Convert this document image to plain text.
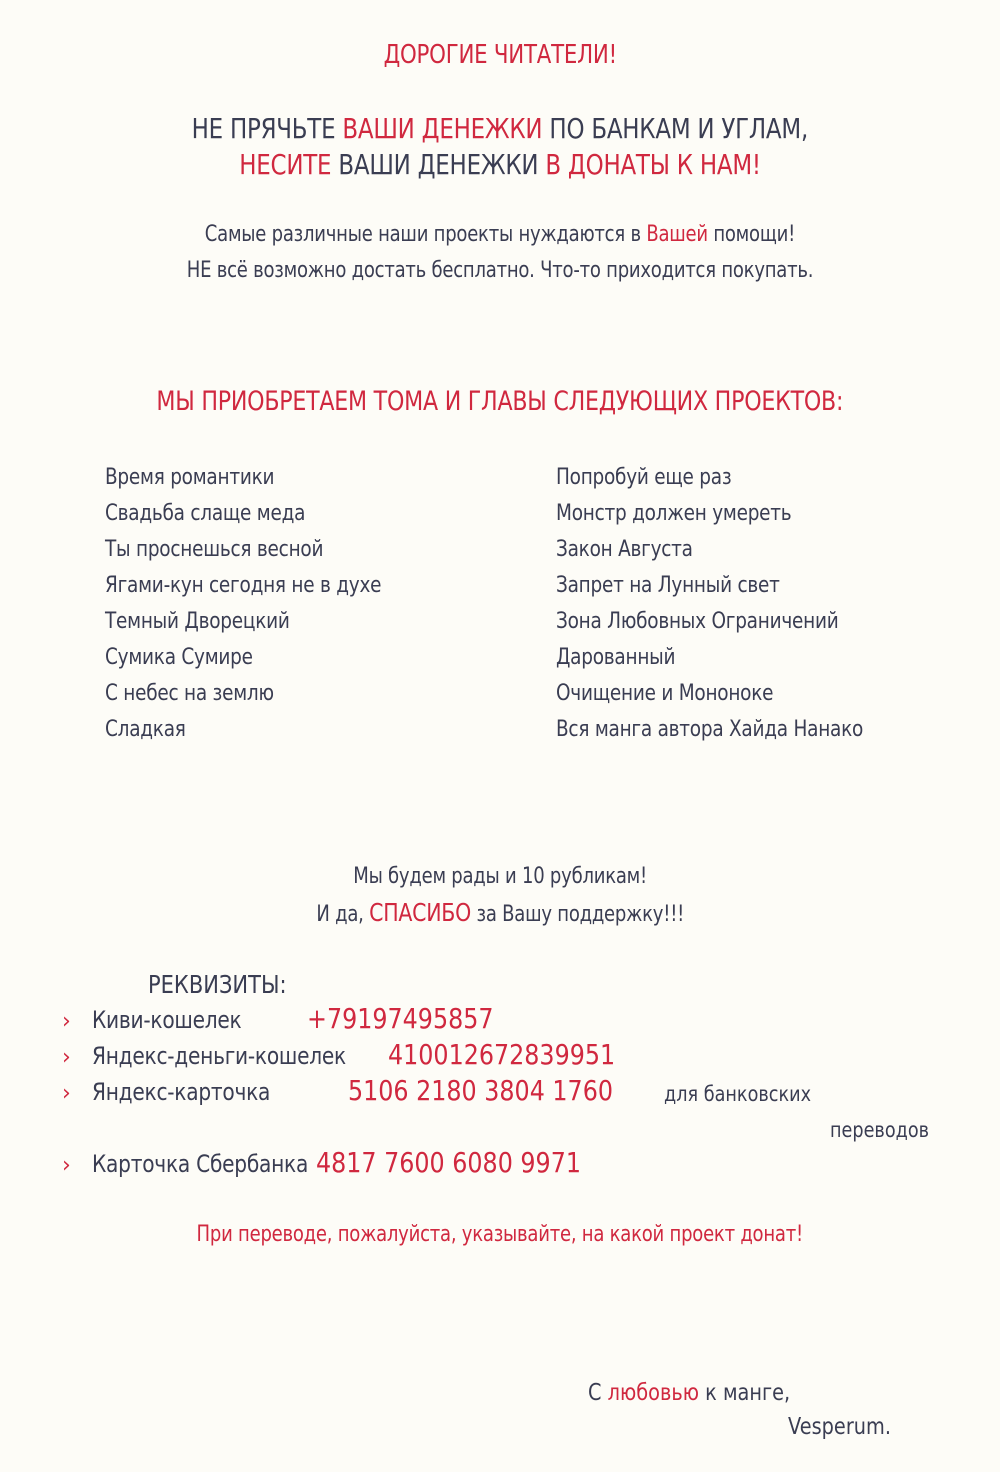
ДОРОГИЕ ЧИТАТЕЛИ!
НЕ ПРЯЧЬТЕ ВАШИ ДЕНЕЖКИ ПО БАНКАМ И УГЛАМ,
НЕСИТЕ ВАШИ ДЕНЕЖКИ В ДОНАТЫ К НАМ!
Самые различные наши проекты нуждаются в Вашей помощи!
НЕ всё возможно достать бесплатно. Что-то приходится покупать.
МЫ ПРИОБРЕТАЕМ ТОМА И ГЛАВЫ СЛЕДУЮЩИХ ПРОЕКТОВ:
Время романтики
Свадьба слаще меда
Ты проснешься весной
Ягами-кун сегодня не в духе
Темный Дворецкий
Сумика Сумире
С небес на землю
Сладкая
Попробуй еще раз
Монстр должен умереть
Закон Августа
Запрет на Лунный свет
Зона Любовных Ограничений
Дарованный
Очищение и Мононоке
Вся манга автора Хайда Нанако
Мы будем рады и 10 рубликам!
И да, СПАСИБО за Вашу поддержку!!!
РЕКВИЗИТЫ:
› Киви-кошелек	+79197495857
› Яндекс-деньги-кошелек	410012672839951
› Яндекс-карточка	5106 2180 3804 1760 для банковских
переводов
› Карточка Сбербанка 4817 7600 6080 9971
При переводе, пожалуйста, указывайте, на какой проект донат!
С любовью к манге,
Vesperum.
